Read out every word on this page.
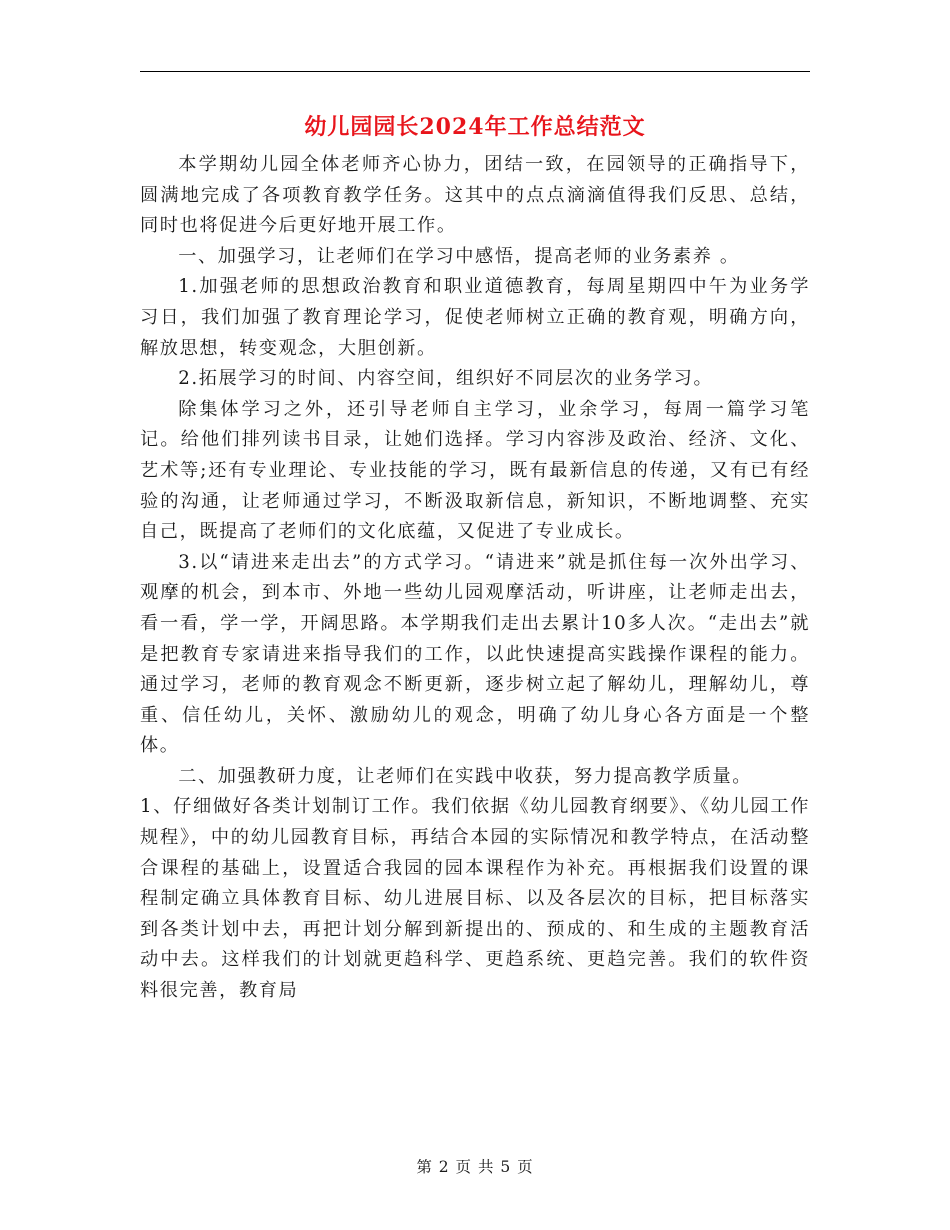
幼儿园园长2024年工作总结范文

本学期幼儿园全体老师齐心协力，团结一致，在园领导的正确指导下，圆满地完成了各项教育教学任务。这其中的点点滴滴值得我们反思、总结，同时也将促进今后更好地开展工作。

一、加强学习，让老师们在学习中感悟，提高老师的业务素养 。

1.加强老师的思想政治教育和职业道德教育，每周星期四中午为业务学习日，我们加强了教育理论学习，促使老师树立正确的教育观，明确方向，解放思想，转变观念，大胆创新。

2.拓展学习的时间、内容空间，组织好不同层次的业务学习。

除集体学习之外，还引导老师自主学习，业余学习，每周一篇学习笔记。给他们排列读书目录，让她们选择。学习内容涉及政治、经济、文化、艺术等;还有专业理论、专业技能的学习，既有最新信息的传递，又有已有经验的沟通，让老师通过学习，不断汲取新信息，新知识，不断地调整、充实自己，既提高了老师们的文化底蕴，又促进了专业成长。

3.以“请进来走出去”的方式学习。“请进来”就是抓住每一次外出学习、观摩的机会，到本市、外地一些幼儿园观摩活动，听讲座，让老师走出去，看一看，学一学，开阔思路。本学期我们走出去累计10多人次。“走出去”就是把教育专家请进来指导我们的工作，以此快速提高实践操作课程的能力。通过学习，老师的教育观念不断更新，逐步树立起了解幼儿，理解幼儿，尊重、信任幼儿，关怀、激励幼儿的观念，明确了幼儿身心各方面是一个整体。

二、加强教研力度，让老师们在实践中收获，努力提高教学质量。

1、仔细做好各类计划制订工作。我们依据《幼儿园教育纲要》、《幼儿园工作规程》，中的幼儿园教育目标，再结合本园的实际情况和教学特点，在活动整合课程的基础上，设置适合我园的园本课程作为补充。再根据我们设置的课程制定确立具体教育目标、幼儿进展目标、以及各层次的目标，把目标落实到各类计划中去，再把计划分解到新提出的、预成的、和生成的主题教育活动中去。这样我们的计划就更趋科学、更趋系统、更趋完善。我们的软件资料很完善，教育局

第 2 页 共 5 页
